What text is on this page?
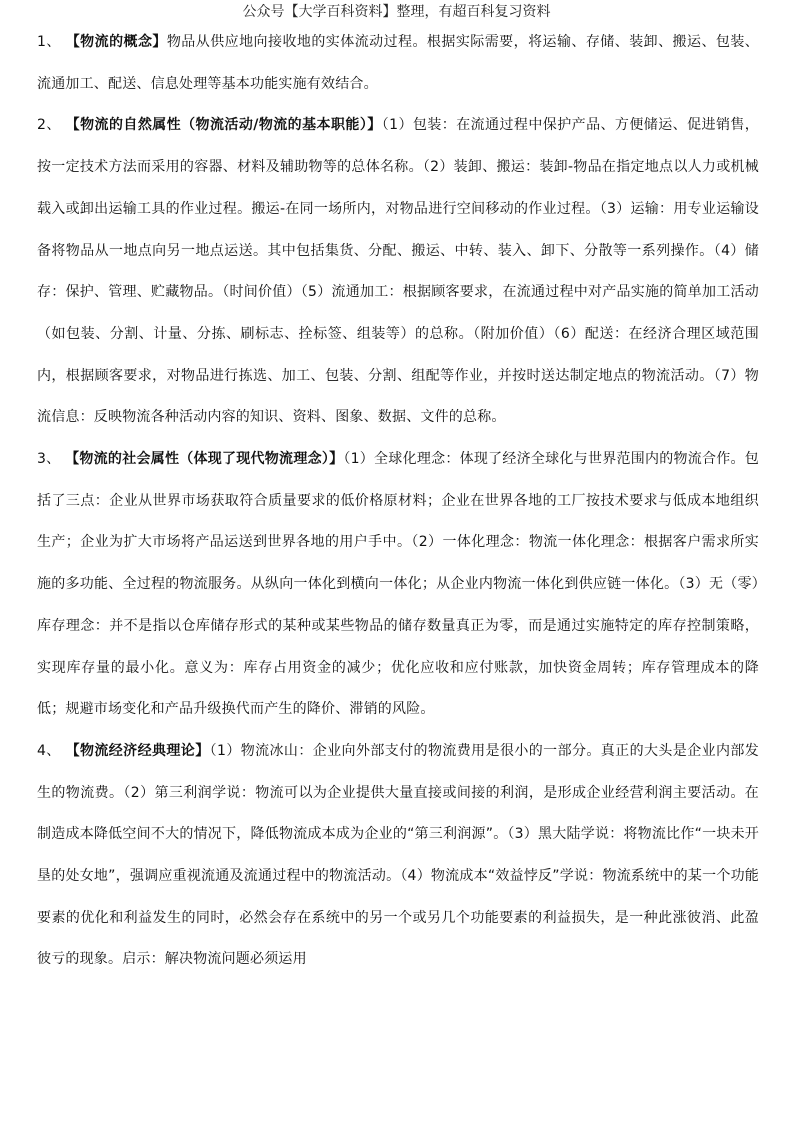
公众号【大学百科资料】整理，有超百科复习资料

1、 【物流的概念】物品从供应地向接收地的实体流动过程。根据实际需要，将运输、存储、装卸、搬运、包装、流通加工、配送、信息处理等基本功能实施有效结合。

2、 【物流的自然属性（物流活动/物流的基本职能）】（1）包装：在流通过程中保护产品、方便储运、促进销售，按一定技术方法而采用的容器、材料及辅助物等的总体名称。（2）装卸、搬运：装卸-物品在指定地点以人力或机械载入或卸出运输工具的作业过程。搬运-在同一场所内，对物品进行空间移动的作业过程。（3）运输：用专业运输设备将物品从一地点向另一地点运送。其中包括集货、分配、搬运、中转、装入、卸下、分散等一系列操作。（4）储存：保护、管理、贮藏物品。（时间价值）（5）流通加工：根据顾客要求，在流通过程中对产品实施的简单加工活动（如包装、分割、计量、分拣、刷标志、拴标签、组装等）的总称。（附加价值）（6）配送：在经济合理区域范围内，根据顾客要求，对物品进行拣选、加工、包装、分割、组配等作业，并按时送达制定地点的物流活动。（7）物流信息：反映物流各种活动内容的知识、资料、图象、数据、文件的总称。

3、 【物流的社会属性（体现了现代物流理念）】（1）全球化理念：体现了经济全球化与世界范围内的物流合作。包括了三点：企业从世界市场获取符合质量要求的低价格原材料；企业在世界各地的工厂按技术要求与低成本地组织生产；企业为扩大市场将产品运送到世界各地的用户手中。（2）一体化理念：物流一体化理念：根据客户需求所实施的多功能、全过程的物流服务。从纵向一体化到横向一体化；从企业内物流一体化到供应链一体化。（3）无（零）库存理念：并不是指以仓库储存形式的某种或某些物品的储存数量真正为零，而是通过实施特定的库存控制策略，实现库存量的最小化。意义为：库存占用资金的减少；优化应收和应付账款，加快资金周转；库存管理成本的降低；规避市场变化和产品升级换代而产生的降价、滞销的风险。

4、 【物流经济经典理论】（1）物流冰山：企业向外部支付的物流费用是很小的一部分。真正的大头是企业内部发生的物流费。（2）第三利润学说：物流可以为企业提供大量直接或间接的利润，是形成企业经营利润主要活动。在制造成本降低空间不大的情况下，降低物流成本成为企业的“第三利润源”。（3）黑大陆学说：将物流比作“一块未开垦的处女地”，强调应重视流通及流通过程中的物流活动。（4）物流成本“效益悖反”学说：物流系统中的某一个功能要素的优化和利益发生的同时，必然会存在系统中的另一个或另几个功能要素的利益损失，是一种此涨彼消、此盈彼亏的现象。启示：解决物流问题必须运用
